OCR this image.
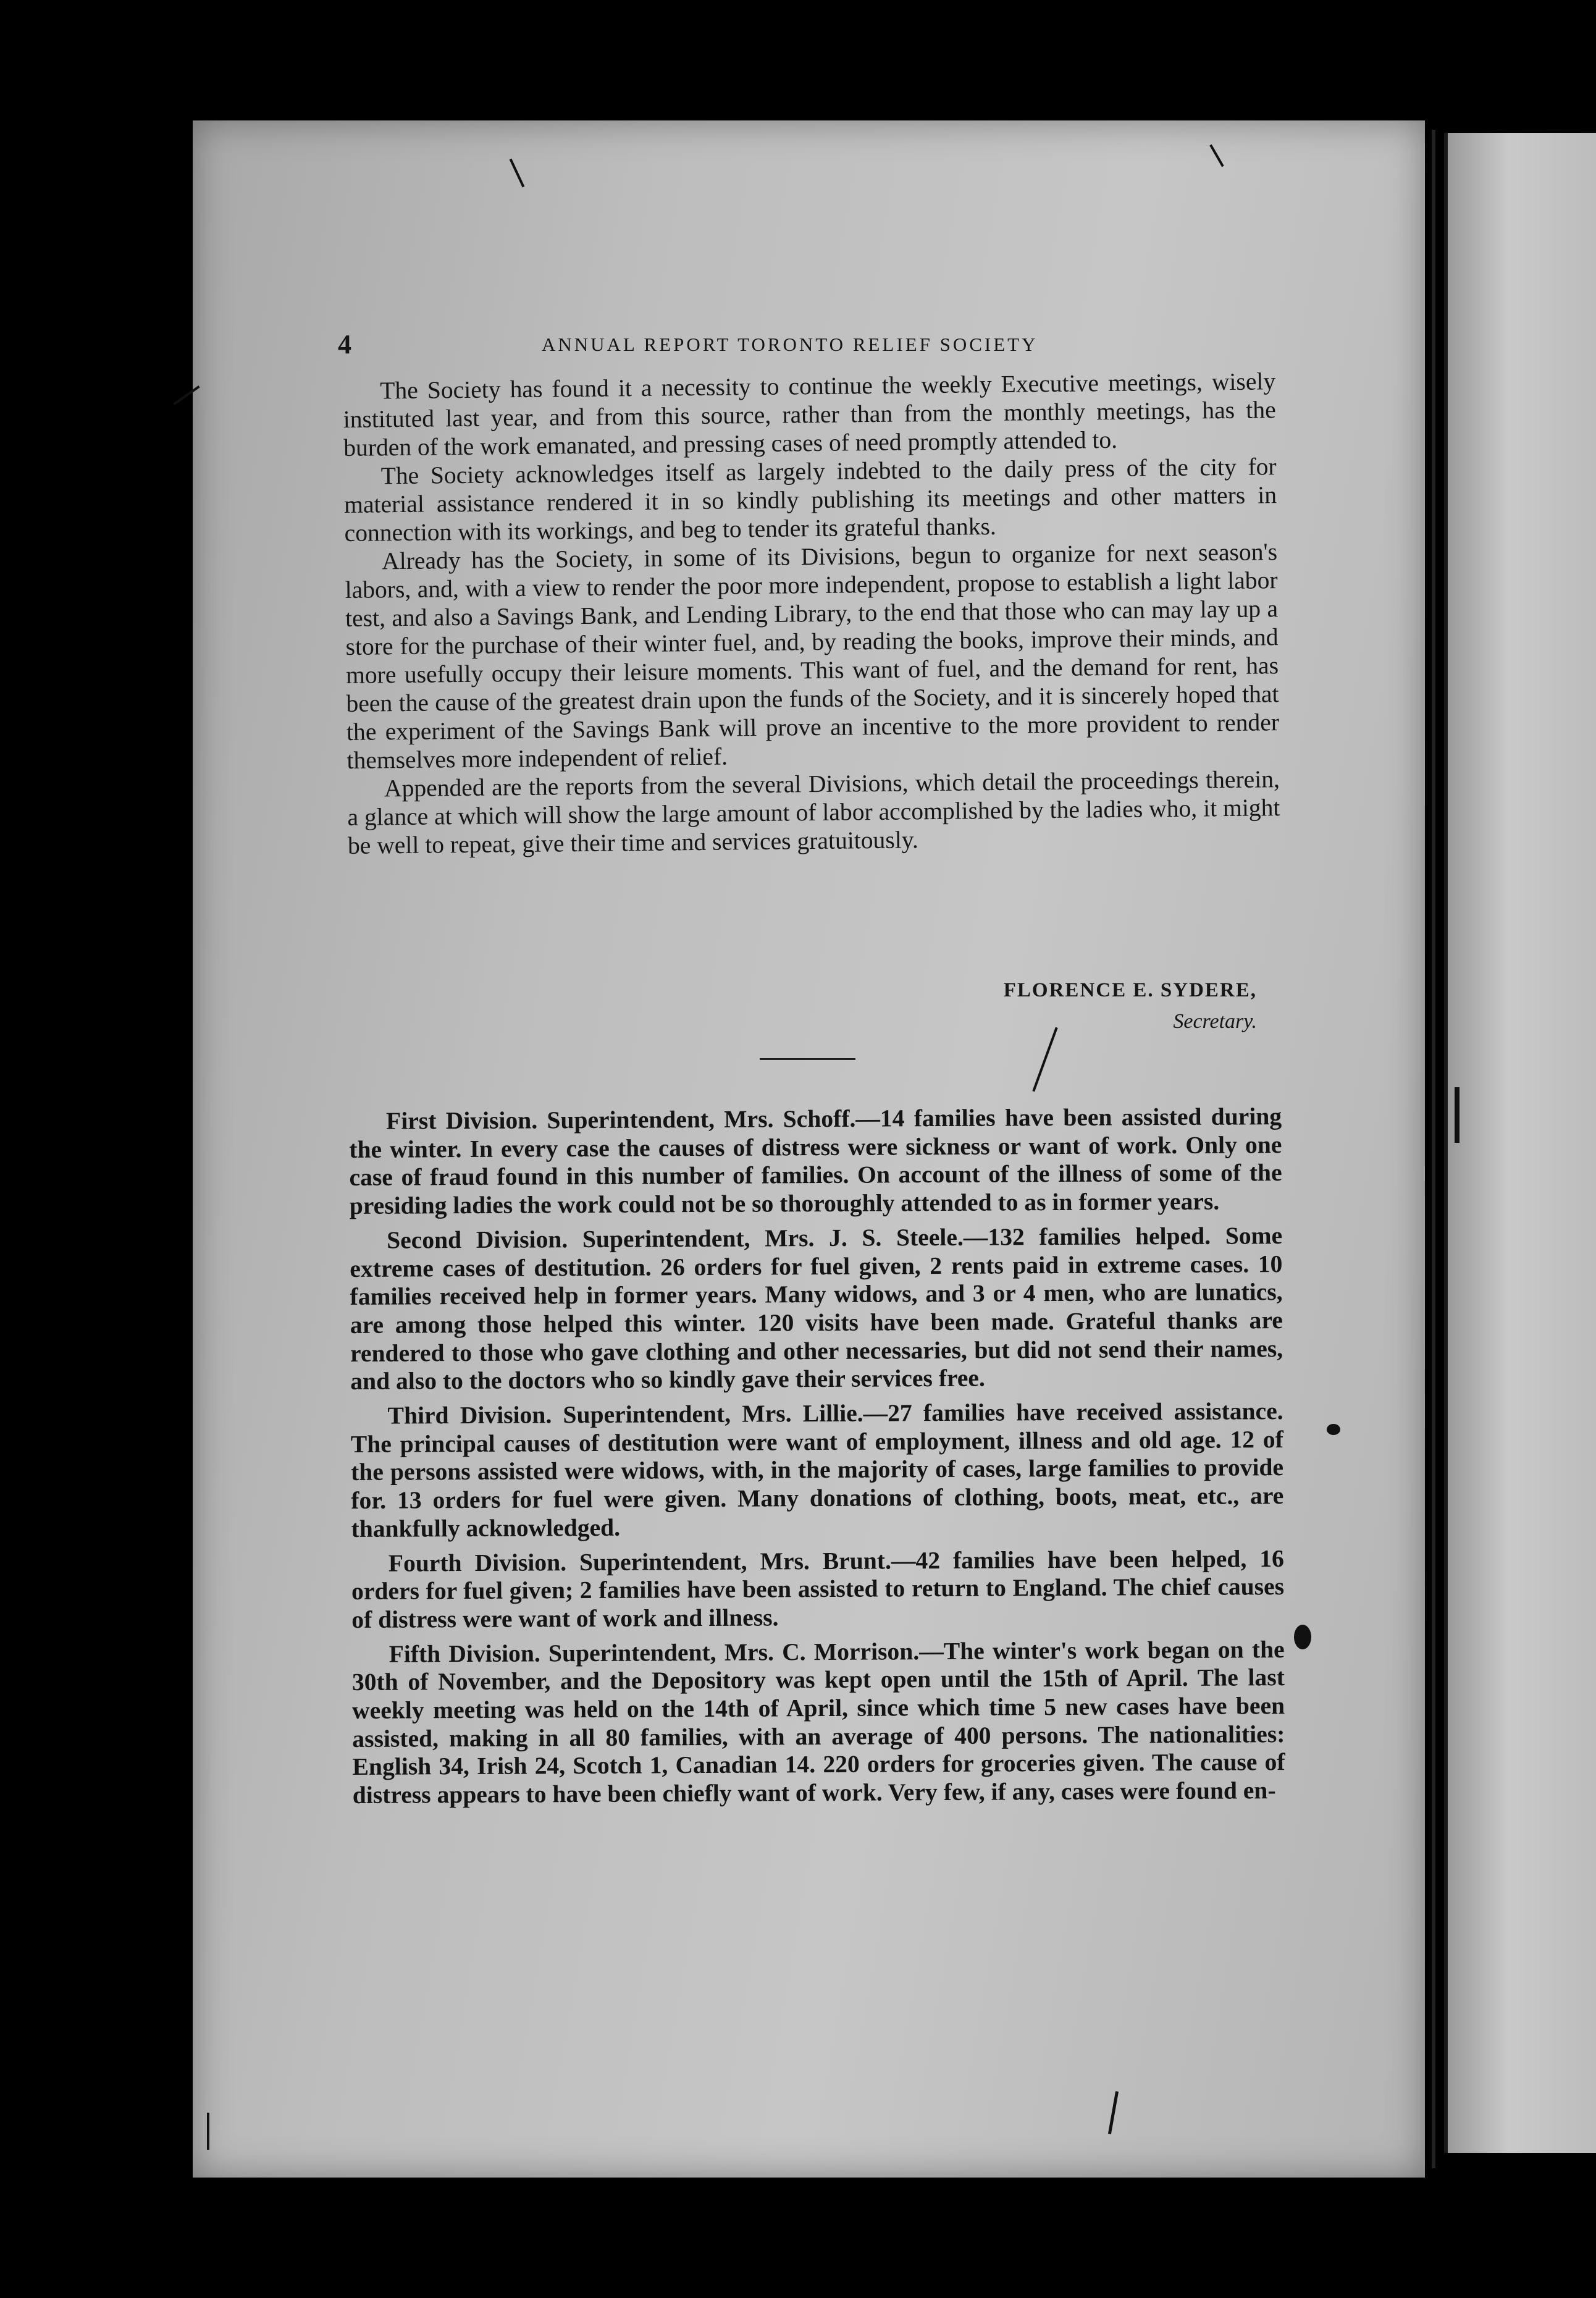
4	ANNUAL REPORT TORONTO RELIEF SOCIETY

The Society has found it a necessity to continue the weekly Executive meetings, wisely instituted last year, and from this source, rather than from the monthly meetings, has the burden of the work emanated, and pressing cases of need promptly attended to.

The Society acknowledges itself as largely indebted to the daily press of the city for material assistance rendered it in so kindly publishing its meetings and other matters in connection with its workings, and beg to tender its grateful thanks.

Already has the Society, in some of its Divisions, begun to organize for next season's labors, and, with a view to render the poor more independent, propose to establish a light labor test, and also a Savings Bank, and Lending Library, to the end that those who can may lay up a store for the purchase of their winter fuel, and, by reading the books, improve their minds, and more usefully occupy their leisure moments. This want of fuel, and the demand for rent, has been the cause of the greatest drain upon the funds of the Society, and it is sincerely hoped that the experiment of the Savings Bank will prove an incentive to the more provident to render themselves more independent of relief.

Appended are the reports from the several Divisions, which detail the proceedings therein, a glance at which will show the large amount of labor accomplished by the ladies who, it might be well to repeat, give their time and services gratuitously.

FLORENCE E. SYDERE,
Secretary.

First Division. Superintendent, Mrs. Schoff.—14 families have been assisted during the winter. In every case the causes of distress were sickness or want of work. Only one case of fraud found in this number of families. On account of the illness of some of the presiding ladies the work could not be so thoroughly attended to as in former years.

Second Division. Superintendent, Mrs. J. S. Steele.—132 families helped. Some extreme cases of destitution. 26 orders for fuel given, 2 rents paid in extreme cases. 10 families received help in former years. Many widows, and 3 or 4 men, who are lunatics, are among those helped this winter. 120 visits have been made. Grateful thanks are rendered to those who gave clothing and other necessaries, but did not send their names, and also to the doctors who so kindly gave their services free.

Third Division. Superintendent, Mrs. Lillie.—27 families have received assistance. The principal causes of destitution were want of employment, illness and old age. 12 of the persons assisted were widows, with, in the majority of cases, large families to provide for. 13 orders for fuel were given. Many donations of clothing, boots, meat, etc., are thankfully acknowledged.

Fourth Division. Superintendent, Mrs. Brunt.—42 families have been helped, 16 orders for fuel given; 2 families have been assisted to return to England. The chief causes of distress were want of work and illness.

Fifth Division. Superintendent, Mrs. C. Morrison.—The winter's work began on the 30th of November, and the Depository was kept open until the 15th of April. The last weekly meeting was held on the 14th of April, since which time 5 new cases have been assisted, making in all 80 families, with an average of 400 persons. The nationalities: English 34, Irish 24, Scotch 1, Canadian 14. 220 orders for groceries given. The cause of distress appears to have been chiefly want of work. Very few, if any, cases were found en-
